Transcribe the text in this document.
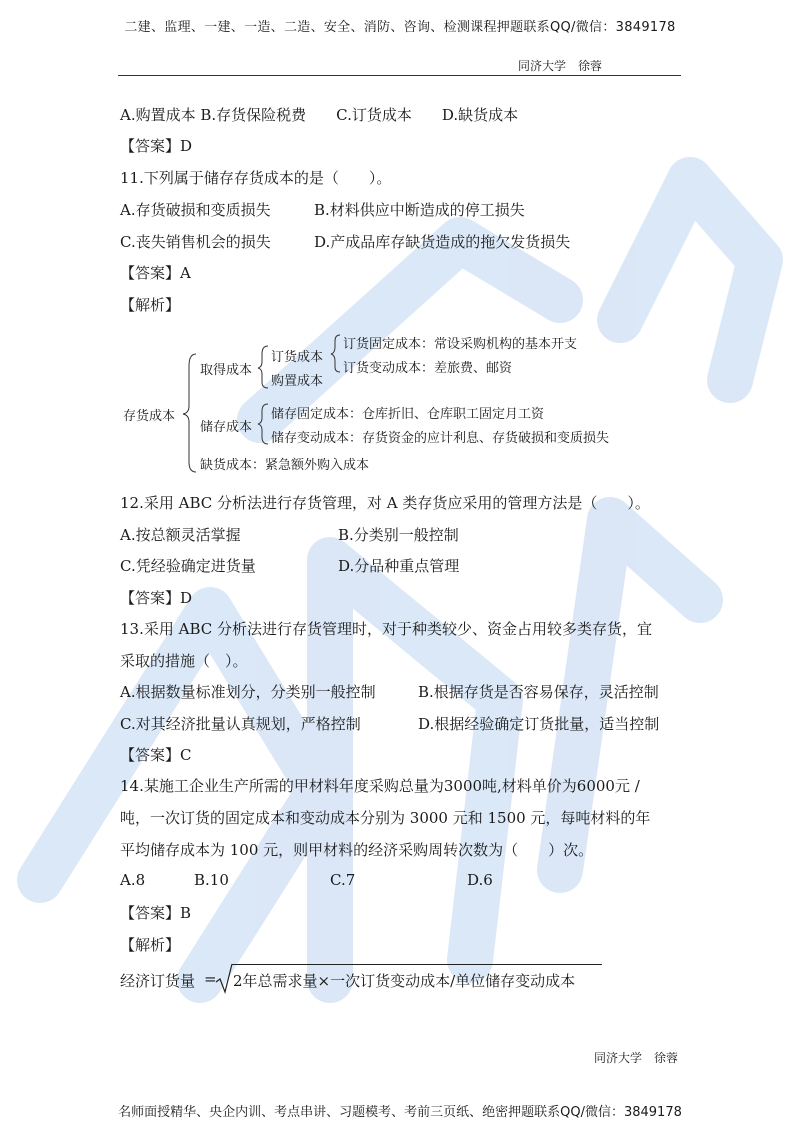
二建、监理、一建、一造、二造、安全、消防、咨询、检测课程押题联系QQ/微信：3849178
同济大学　徐蓉
A.购置成本 B.存货保险税费　　C.订货成本　　D.缺货成本
【答案】D
11.下列属于储存存货成本的是（　　）。
A.存货破损和变质损失	B.材料供应中断造成的停工损失
C.丧失销售机会的损失	D.产成品库存缺货造成的拖欠发货损失
【答案】A
【解析】
存货成本
取得成本
订货成本
购置成本
订货固定成本：常设采购机构的基本开支
订货变动成本：差旅费、邮资
储存成本
储存固定成本：仓库折旧、仓库职工固定月工资
储存变动成本：存货资金的应计利息、存货破损和变质损失
缺货成本：紧急额外购入成本
12.采用 ABC 分析法进行存货管理，对 A 类存货应采用的管理方法是（　　）。
A.按总额灵活掌握	B.分类别一般控制
C.凭经验确定进货量	D.分品种重点管理
【答案】D
13.采用 ABC 分析法进行存货管理时，对于种类较少、资金占用较多类存货，宜
采取的措施（　）。
A.根据数量标准划分，分类别一般控制	B.根据存货是否容易保存，灵活控制
C.对其经济批量认真规划，严格控制	D.根据经验确定订货批量，适当控制
【答案】C
14.某施工企业生产所需的甲材料年度采购总量为3000吨,材料单价为6000元 /
吨，一次订货的固定成本和变动成本分别为 3000 元和 1500 元，每吨材料的年
平均储存成本为 100 元，则甲材料的经济采购周转次数为（　　）次。
A.8	B.10	C.7	D.6
【答案】B
【解析】
经济订货量 = 2年总需求量×一次订货变动成本/单位储存变动成本
同济大学　徐蓉
名师面授精华、央企内训、考点串讲、习题模考、考前三页纸、绝密押题联系QQ/微信：3849178
